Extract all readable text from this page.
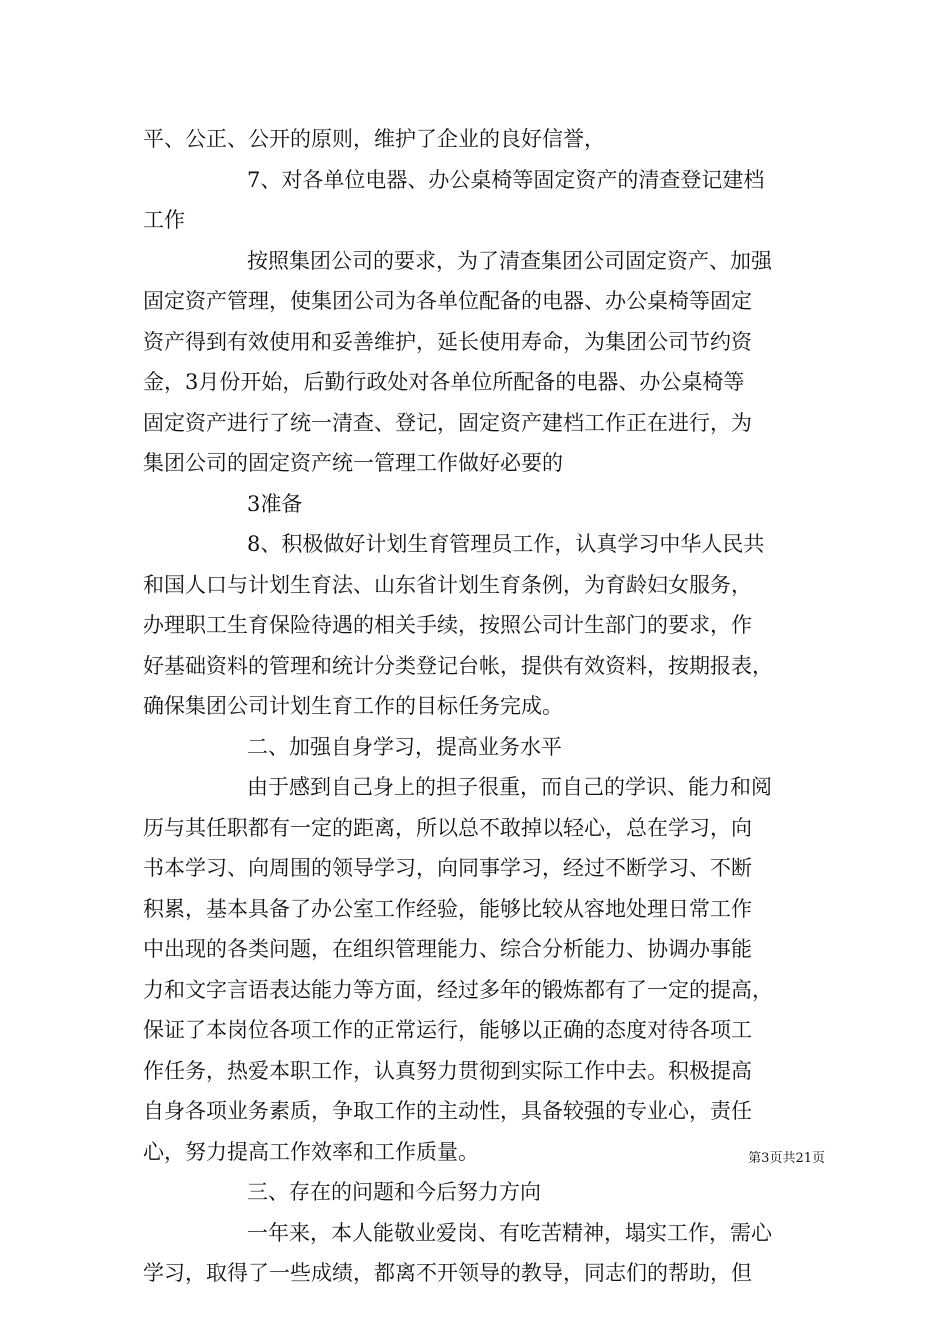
平、公正、公开的原则，维护了企业的良好信誉，
7、对各单位电器、办公桌椅等固定资产的清查登记建档
工作
按照集团公司的要求，为了清查集团公司固定资产、加强
固定资产管理，使集团公司为各单位配备的电器、办公桌椅等固定
资产得到有效使用和妥善维护，延长使用寿命，为集团公司节约资
金，3月份开始，后勤行政处对各单位所配备的电器、办公桌椅等
固定资产进行了统一清查、登记，固定资产建档工作正在进行，为
集团公司的固定资产统一管理工作做好必要的
3准备
8、积极做好计划生育管理员工作，认真学习中华人民共
和国人口与计划生育法、山东省计划生育条例，为育龄妇女服务，
办理职工生育保险待遇的相关手续，按照公司计生部门的要求，作
好基础资料的管理和统计分类登记台帐，提供有效资料，按期报表，
确保集团公司计划生育工作的目标任务完成。
二、加强自身学习，提高业务水平
由于感到自己身上的担子很重，而自己的学识、能力和阅
历与其任职都有一定的距离，所以总不敢掉以轻心，总在学习，向
书本学习、向周围的领导学习，向同事学习，经过不断学习、不断
积累，基本具备了办公室工作经验，能够比较从容地处理日常工作
中出现的各类问题，在组织管理能力、综合分析能力、协调办事能
力和文字言语表达能力等方面，经过多年的锻炼都有了一定的提高，
保证了本岗位各项工作的正常运行，能够以正确的态度对待各项工
作任务，热爱本职工作，认真努力贯彻到实际工作中去。积极提高
自身各项业务素质，争取工作的主动性，具备较强的专业心，责任
心，努力提高工作效率和工作质量。
三、存在的问题和今后努力方向
一年来，本人能敬业爱岗、有吃苦精神，塌实工作，需心
学习，取得了一些成绩，都离不开领导的教导，同志们的帮助，但
第3页共21页
